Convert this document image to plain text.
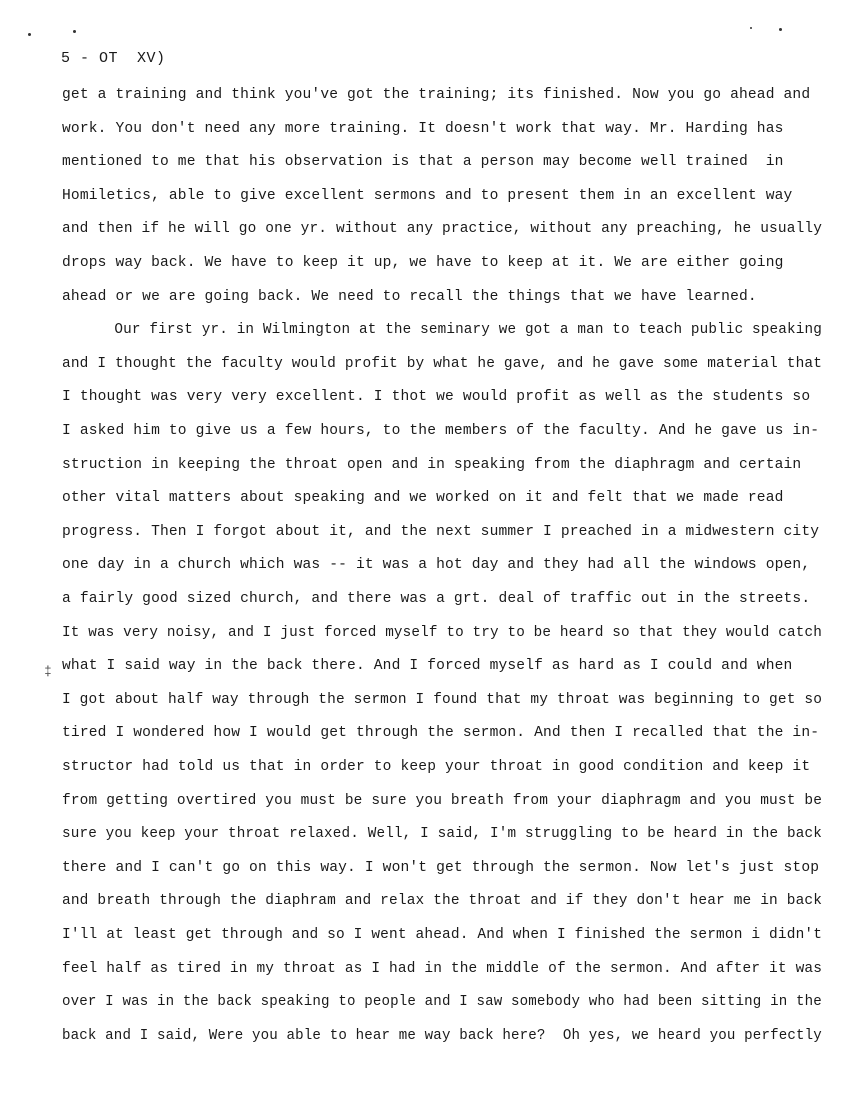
5 - OT  XV)
‡
get a training and think you've got the training; its finished. Now you go ahead and
work. You don't need any more training. It doesn't work that way. Mr. Harding has
mentioned to me that his observation is that a person may become well trained  in
Homiletics, able to give excellent sermons and to present them in an excellent way
and then if he will go one yr. without any practice, without any preaching, he usually
drops way back. We have to keep it up, we have to keep at it. We are either going
ahead or we are going back. We need to recall the things that we have learned.
Our first yr. in Wilmington at the seminary we got a man to teach public speaking
and I thought the faculty would profit by what he gave, and he gave some material that
I thought was very very excellent. I thot we would profit as well as the students so
I asked him to give us a few hours, to the members of the faculty. And he gave us in-
struction in keeping the throat open and in speaking from the diaphragm and certain
other vital matters about speaking and we worked on it and felt that we made read
progress. Then I forgot about it, and the next summer I preached in a midwestern city
one day in a church which was -- it was a hot day and they had all the windows open,
a fairly good sized church, and there was a grt. deal of traffic out in the streets.
It was very noisy, and I just forced myself to try to be heard so that they would catch
what I said way in the back there. And I forced myself as hard as I could and when
I got about half way through the sermon I found that my throat was beginning to get so
tired I wondered how I would get through the sermon. And then I recalled that the in-
structor had told us that in order to keep your throat in good condition and keep it
from getting overtired you must be sure you breath from your diaphragm and you must be
sure you keep your throat relaxed. Well, I said, I'm struggling to be heard in the back
there and I can't go on this way. I won't get through the sermon. Now let's just stop
and breath through the diaphram and relax the throat and if they don't hear me in back
I'll at least get through and so I went ahead. And when I finished the sermon i didn't
feel half as tired in my throat as I had in the middle of the sermon. And after it was
over I was in the back speaking to people and I saw somebody who had been sitting in the
back and I said, Were you able to hear me way back here?  Oh yes, we heard you perfectly
